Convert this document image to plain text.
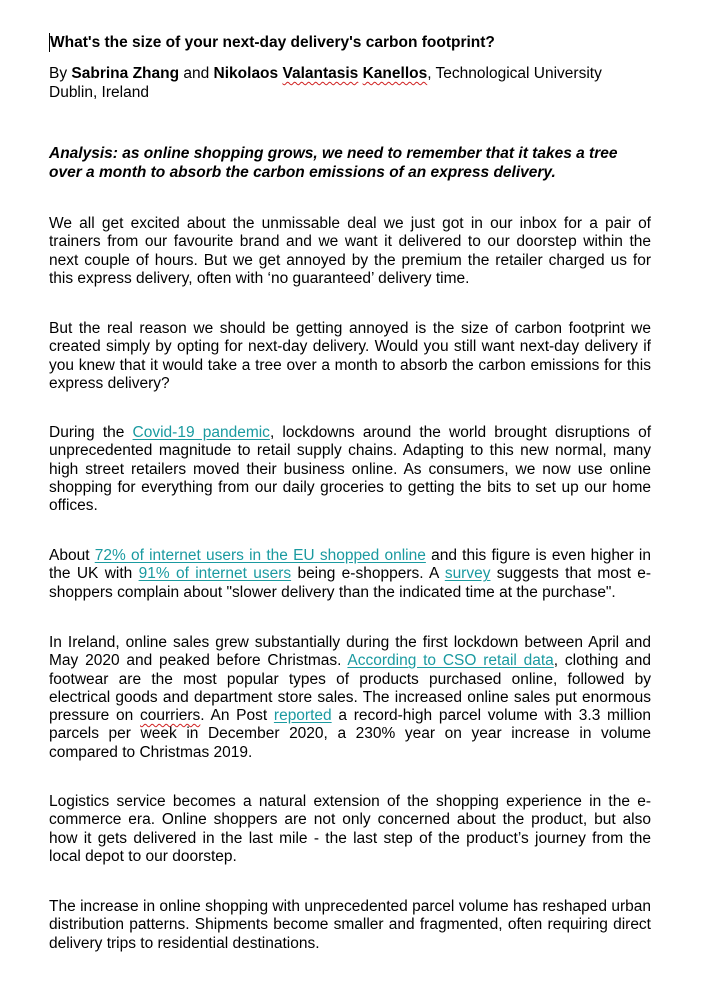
What's the size of your next-day delivery's carbon footprint?

By Sabrina Zhang and Nikolaos Valantasis Kanellos, Technological University Dublin, Ireland

Analysis: as online shopping grows, we need to remember that it takes a tree over a month to absorb the carbon emissions of an express delivery.

We all get excited about the unmissable deal we just got in our inbox for a pair of trainers from our favourite brand and we want it delivered to our doorstep within the next couple of hours. But we get annoyed by the premium the retailer charged us for this express delivery, often with ‘no guaranteed’ delivery time.

But the real reason we should be getting annoyed is the size of carbon footprint we created simply by opting for next-day delivery. Would you still want next-day delivery if you knew that it would take a tree over a month to absorb the carbon emissions for this express delivery?

During the Covid-19 pandemic, lockdowns around the world brought disruptions of unprecedented magnitude to retail supply chains. Adapting to this new normal, many high street retailers moved their business online. As consumers, we now use online shopping for everything from our daily groceries to getting the bits to set up our home offices.

About 72% of internet users in the EU shopped online and this figure is even higher in the UK with 91% of internet users being e-shoppers. A survey suggests that most e-shoppers complain about "slower delivery than the indicated time at the purchase".

In Ireland, online sales grew substantially during the first lockdown between April and May 2020 and peaked before Christmas. According to CSO retail data, clothing and footwear are the most popular types of products purchased online, followed by electrical goods and department store sales. The increased online sales put enormous pressure on courriers. An Post reported a record-high parcel volume with 3.3 million parcels per week in December 2020, a 230% year on year increase in volume compared to Christmas 2019.

Logistics service becomes a natural extension of the shopping experience in the e-commerce era. Online shoppers are not only concerned about the product, but also how it gets delivered in the last mile - the last step of the product’s journey from the local depot to our doorstep.

The increase in online shopping with unprecedented parcel volume has reshaped urban distribution patterns. Shipments become smaller and fragmented, often requiring direct delivery trips to residential destinations.
